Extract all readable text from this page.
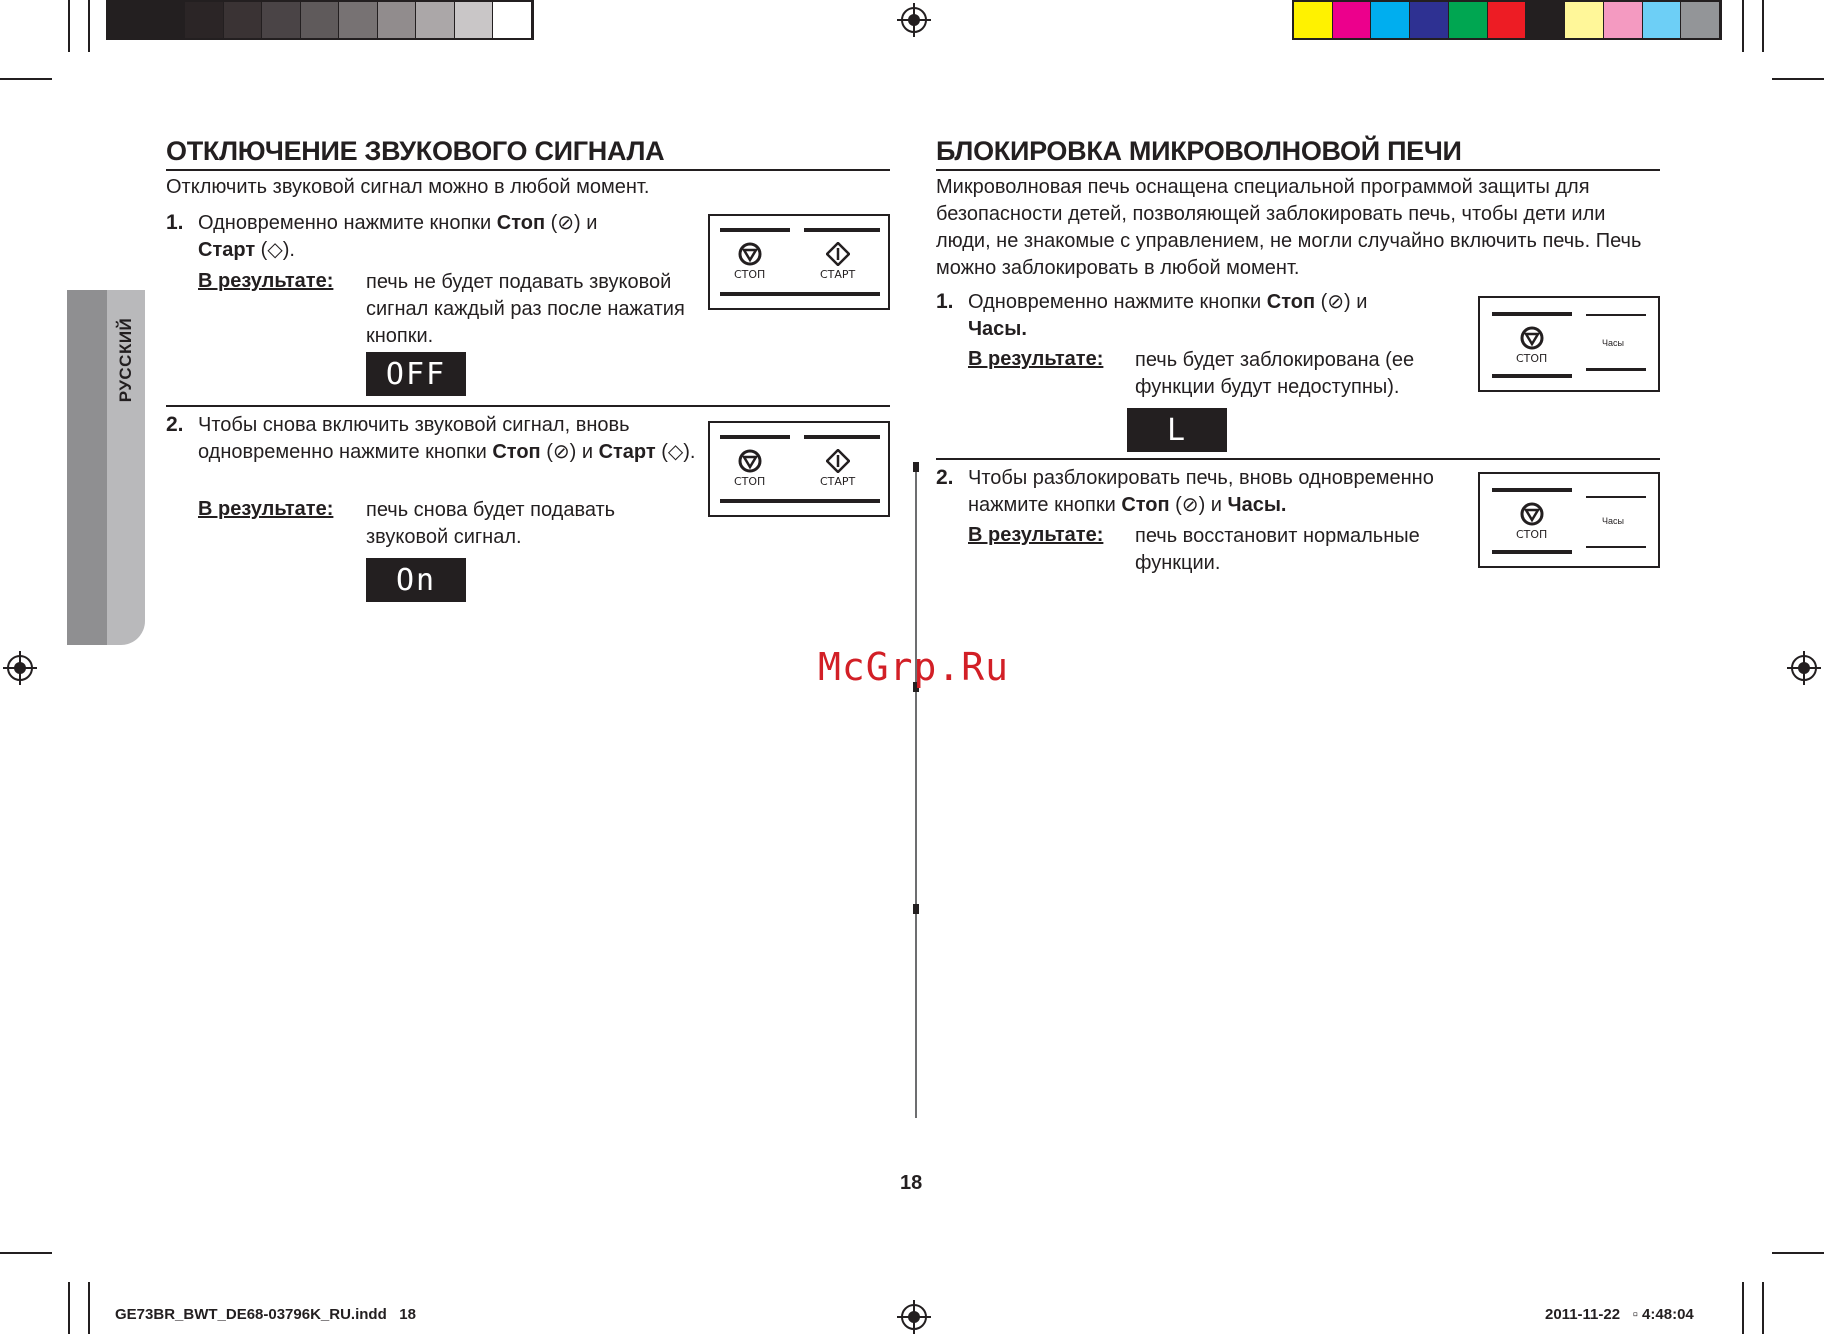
РУССКИЙ
ОТКЛЮЧЕНИЕ ЗВУКОВОГО СИГНАЛА
Отключить звуковой сигнал можно в любой момент.
1. Одновременно нажмите кнопки Стоп (⊘) и
Старт (◇).
В результате: печь не будет подавать звуковой сигнал каждый раз после нажатия кнопки.
OFF
СТОП	СТАРТ
2. Чтобы снова включить звуковой сигнал, вновь одновременно нажмите кнопки Стоп (⊘) и Старт (◇).
В результате: печь снова будет подавать звуковой сигнал.
On
СТОП	СТАРТ
БЛОКИРОВКА МИКРОВОЛНОВОЙ ПЕЧИ
Микроволновая печь оснащена специальной программой защиты для безопасности детей, позволяющей заблокировать печь, чтобы дети или люди, не знакомые с управлением, не могли случайно включить печь. Печь можно заблокировать в любой момент.
1. Одновременно нажмите кнопки Стоп (⊘) и
Часы.
В результате: печь будет заблокирована (ее функции будут недоступны).
L
СТОП
Часы
2. Чтобы разблокировать печь, вновь одновременно нажмите кнопки Стоп (⊘) и Часы.
В результате: печь восстановит нормальные функции.
СТОП
Часы
McGrp.Ru
18
GE73BR_BWT_DE68-03796K_RU.indd   18	2011-11-22   ▫ 4:48:04
